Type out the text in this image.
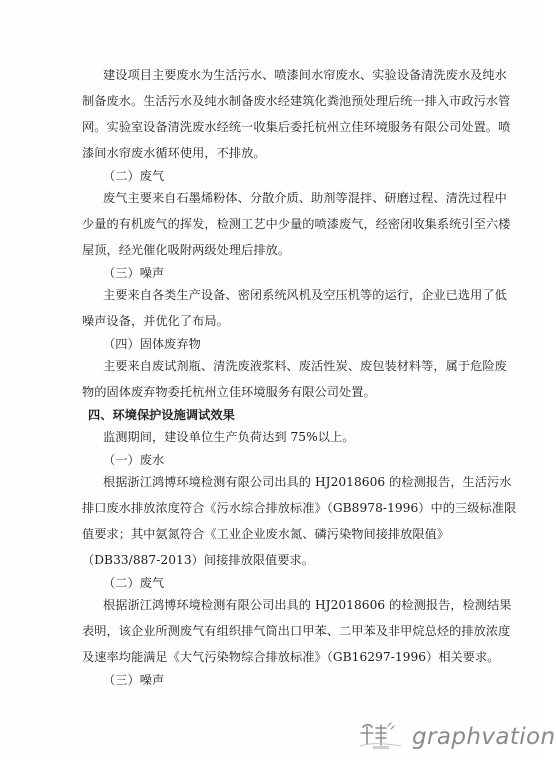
建设项目主要废水为生活污水、喷漆间水帘废水、实验设备清洗废水及纯水
制备废水。生活污水及纯水制备废水经建筑化粪池预处理后统一排入市政污水管
网。实验室设备清洗废水经统一收集后委托杭州立佳环境服务有限公司处置。喷
漆间水帘废水循环使用，不排放。
（二）废气
废气主要来自石墨烯粉体、分散介质、助剂等混拌、研磨过程、清洗过程中
少量的有机废气的挥发，检测工艺中少量的喷漆废气，经密闭收集系统引至六楼
屋顶，经光催化吸附两级处理后排放。
（三）噪声
主要来自各类生产设备、密闭系统风机及空压机等的运行，企业已选用了低
噪声设备，并优化了布局。
（四）固体废弃物
主要来自废试剂瓶、清洗废液浆料、废活性炭、废包装材料等，属于危险废
物的固体废弃物委托杭州立佳环境服务有限公司处置。
四、环境保护设施调试效果
监测期间，建设单位生产负荷达到 75%以上。
（一）废水
根据浙江鸿博环境检测有限公司出具的 HJ2018606 的检测报告，生活污水
排口废水排放浓度符合《污水综合排放标准》（GB8978-1996）中的三级标准限
值要求；其中氨氮符合《工业企业废水氮、磷污染物间接排放限值》
（DB33/887-2013）间接排放限值要求。
（二）废气
根据浙江鸿博环境检测有限公司出具的 HJ2018606 的检测报告，检测结果
表明，该企业所测废气有组织排气筒出口甲苯、二甲苯及非甲烷总烃的排放浓度
及速率均能满足《大气污染物综合排放标准》（GB16297-1996）相关要求。
（三）噪声
graphvation
